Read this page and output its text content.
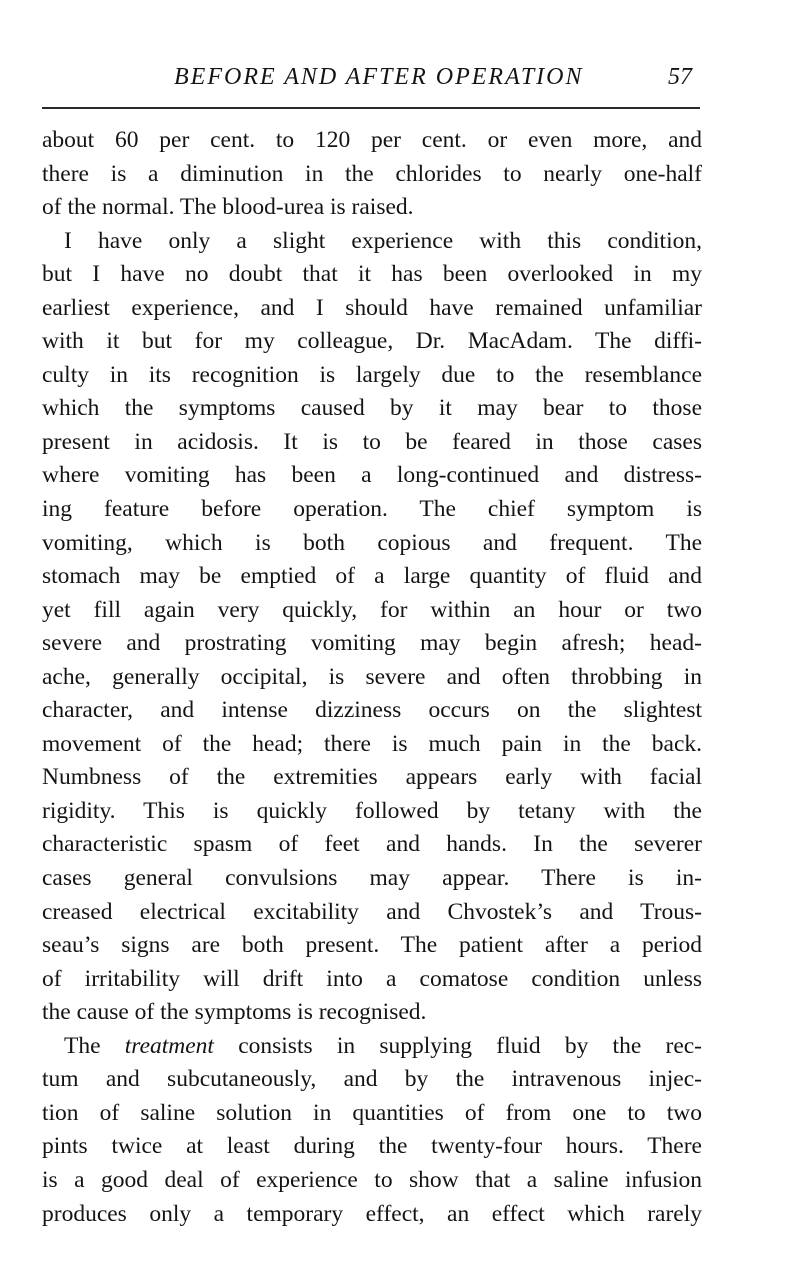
BEFORE AND AFTER OPERATION	57
about 60 per cent. to 120 per cent. or even more, and
there is a diminution in the chlorides to nearly one-half
of the normal. The blood-urea is raised.
I have only a slight experience with this condition,
but I have no doubt that it has been overlooked in my
earliest experience, and I should have remained unfamiliar
with it but for my colleague, Dr. MacAdam. The diffi-
culty in its recognition is largely due to the resemblance
which the symptoms caused by it may bear to those
present in acidosis. It is to be feared in those cases
where vomiting has been a long-continued and distress-
ing feature before operation. The chief symptom is
vomiting, which is both copious and frequent. The
stomach may be emptied of a large quantity of fluid and
yet fill again very quickly, for within an hour or two
severe and prostrating vomiting may begin afresh; head-
ache, generally occipital, is severe and often throbbing in
character, and intense dizziness occurs on the slightest
movement of the head; there is much pain in the back.
Numbness of the extremities appears early with facial
rigidity. This is quickly followed by tetany with the
characteristic spasm of feet and hands. In the severer
cases general convulsions may appear. There is in-
creased electrical excitability and Chvostek’s and Trous-
seau’s signs are both present. The patient after a period
of irritability will drift into a comatose condition unless
the cause of the symptoms is recognised.
The treatment consists in supplying fluid by the rec-
tum and subcutaneously, and by the intravenous injec-
tion of saline solution in quantities of from one to two
pints twice at least during the twenty-four hours. There
is a good deal of experience to show that a saline infusion
produces only a temporary effect, an effect which rarely
